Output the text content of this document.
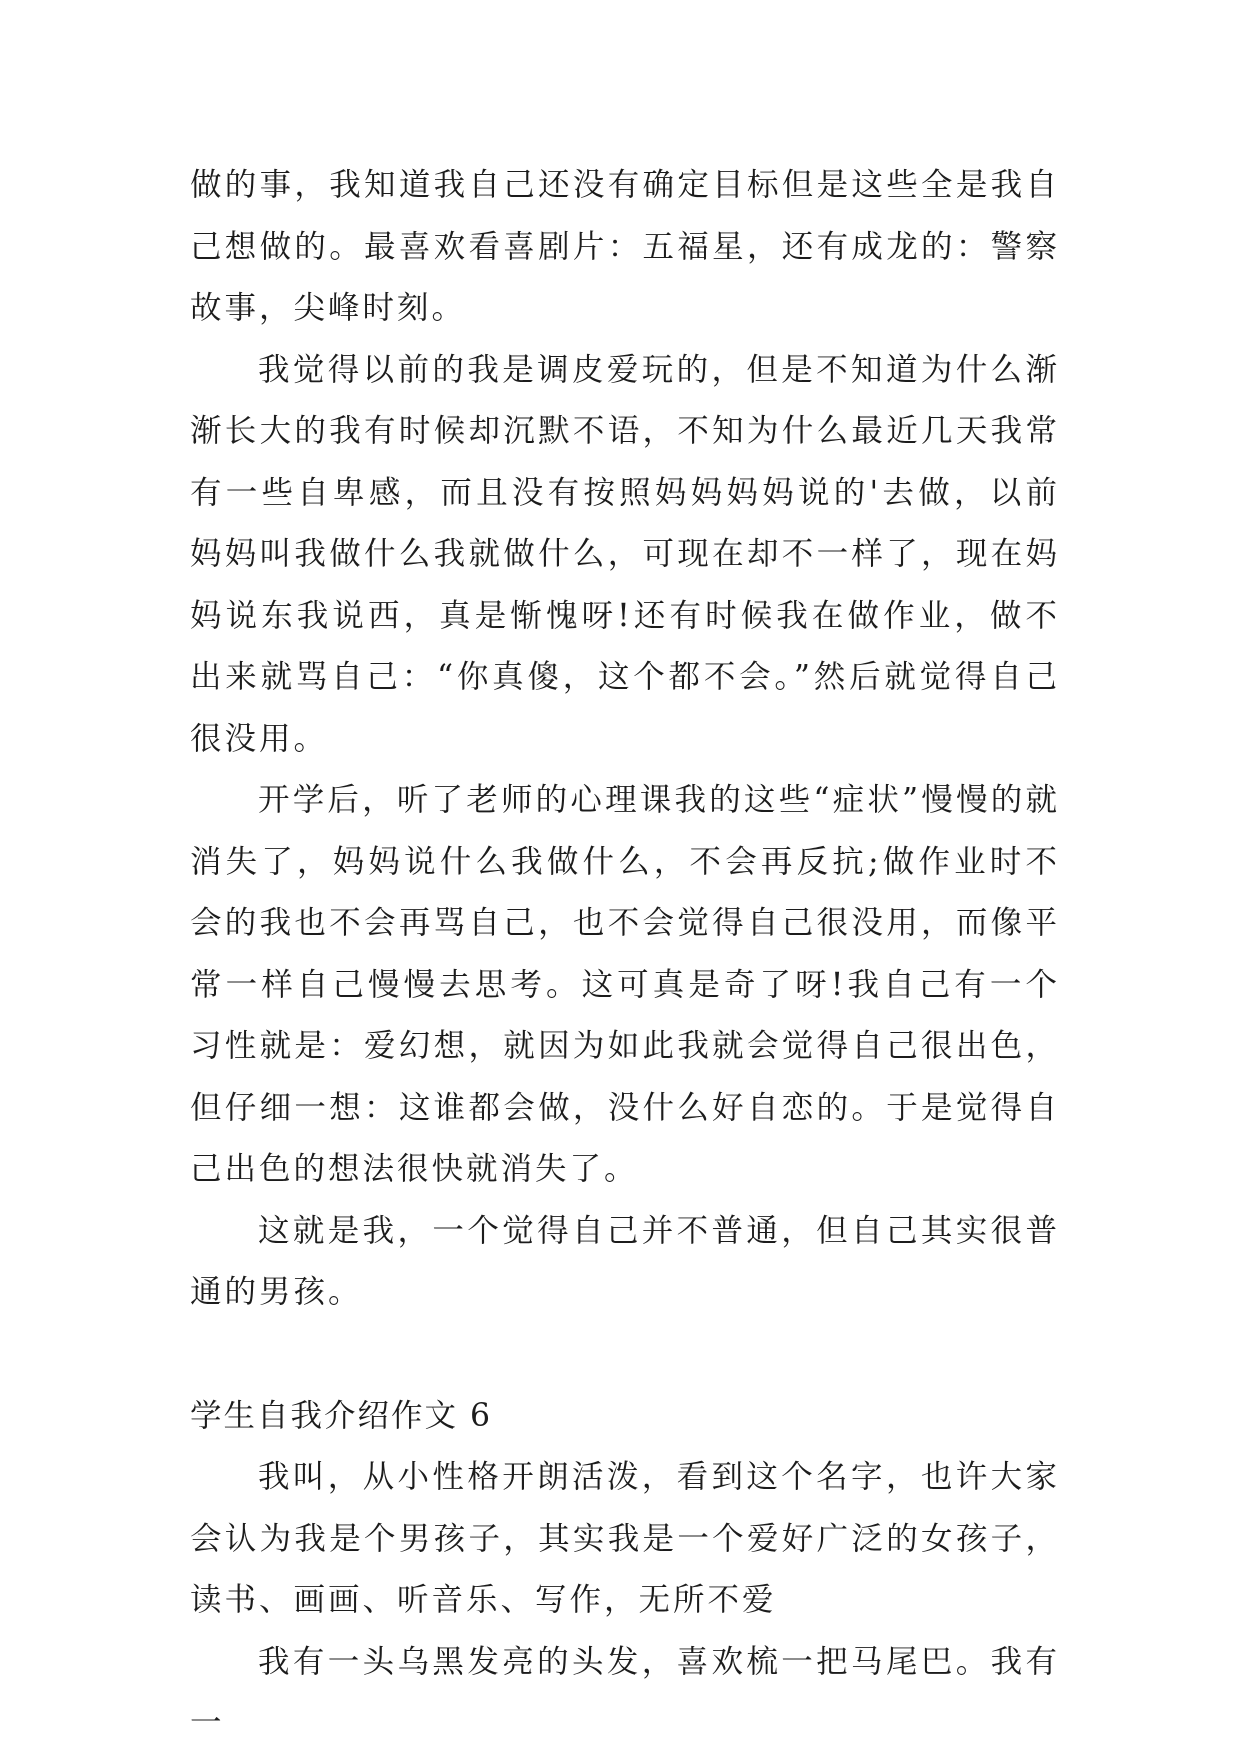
做的事，我知道我自己还没有确定目标但是这些全是我自己想做的。最喜欢看喜剧片：五福星，还有成龙的：警察故事，尖峰时刻。

我觉得以前的我是调皮爱玩的，但是不知道为什么渐渐长大的我有时候却沉默不语，不知为什么最近几天我常有一些自卑感，而且没有按照妈妈妈妈说的'去做，以前妈妈叫我做什么我就做什么，可现在却不一样了，现在妈妈说东我说西，真是惭愧呀!还有时候我在做作业，做不出来就骂自己：“你真傻，这个都不会。”然后就觉得自己很没用。

开学后，听了老师的心理课我的这些“症状”慢慢的就消失了，妈妈说什么我做什么，不会再反抗;做作业时不会的我也不会再骂自己，也不会觉得自己很没用，而像平常一样自己慢慢去思考。这可真是奇了呀!我自己有一个习性就是：爱幻想，就因为如此我就会觉得自己很出色，但仔细一想：这谁都会做，没什么好自恋的。于是觉得自己出色的想法很快就消失了。

这就是我，一个觉得自己并不普通，但自己其实很普通的男孩。

学生自我介绍作文 6

我叫，从小性格开朗活泼，看到这个名字，也许大家会认为我是个男孩子，其实我是一个爱好广泛的女孩子，读书、画画、听音乐、写作，无所不爱

我有一头乌黑发亮的头发，喜欢梳一把马尾巴。我有一
